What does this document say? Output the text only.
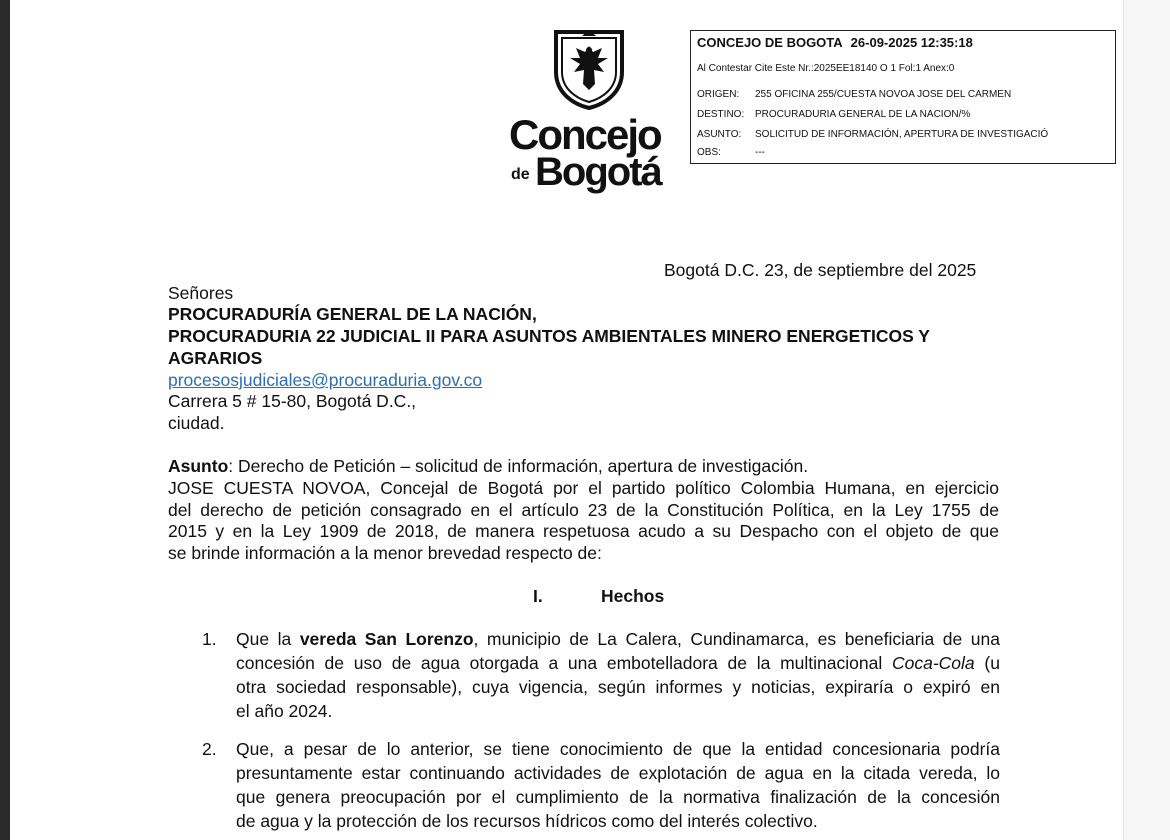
Concejo
de Bogotá
CONCEJO DE BOGOTA 26-09-2025 12:35:18
Al Contestar Cite Este Nr.:2025EE18140 O 1 Fol:1 Anex:0
ORIGEN: 255 OFICINA 255/CUESTA NOVOA JOSE DEL CARMEN
DESTINO: PROCURADURIA GENERAL DE LA NACION/%
ASUNTO: SOLICITUD DE INFORMACIÓN, APERTURA DE INVESTIGACIÓ
OBS:	---
Bogotá D.C. 23, de septiembre del 2025
Señores
PROCURADURÍA GENERAL DE LA NACIÓN,
PROCURADURIA 22 JUDICIAL II PARA ASUNTOS AMBIENTALES MINERO ENERGETICOS Y
AGRARIOS
procesosjudiciales@procuraduria.gov.co
Carrera 5 # 15-80, Bogotá D.C.,
ciudad.
Asunto: Derecho de Petición – solicitud de información, apertura de investigación.
JOSE CUESTA NOVOA, Concejal de Bogotá por el partido político Colombia Humana, en ejercicio
del derecho de petición consagrado en el artículo 23 de la Constitución Política, en la Ley 1755 de
2015 y en la Ley 1909 de 2018, de manera respetuosa acudo a su Despacho con el objeto de que
se brinde información a la menor brevedad respecto de:
I.	Hechos
1. Que la vereda San Lorenzo, municipio de La Calera, Cundinamarca, es beneficiaria de una
concesión de uso de agua otorgada a una embotelladora de la multinacional Coca-Cola (u
otra sociedad responsable), cuya vigencia, según informes y noticias, expiraría o expiró en
el año 2024.
2. Que, a pesar de lo anterior, se tiene conocimiento de que la entidad concesionaria podría
presuntamente estar continuando actividades de explotación de agua en la citada vereda, lo
que genera preocupación por el cumplimiento de la normativa finalización de la concesión
de agua y la protección de los recursos hídricos como del interés colectivo.
